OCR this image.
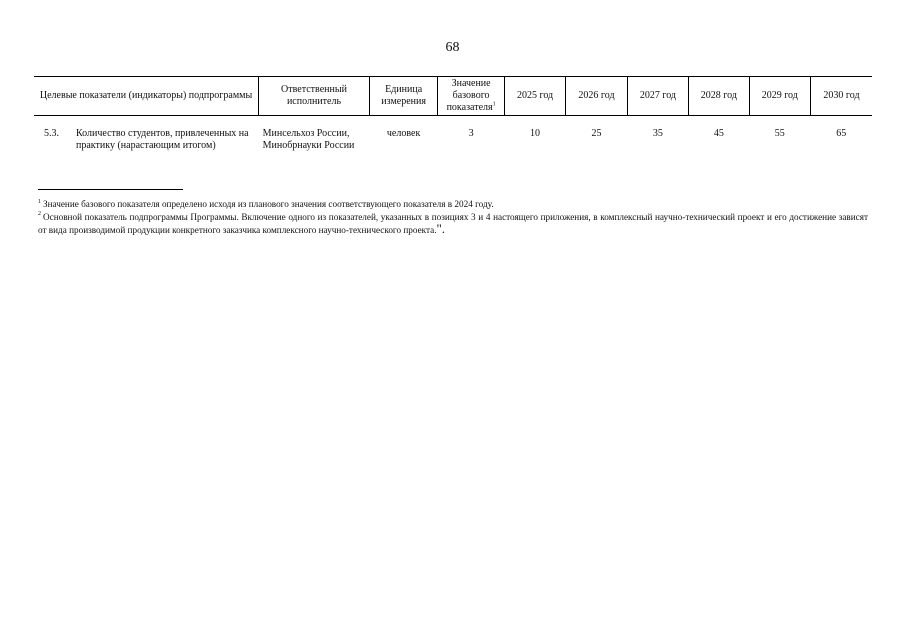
68
Целевые показатели (индикаторы) подпрограммы	Ответственный исполнитель	Единица измерения	Значение базового показателя$^1$	2025 год	2026 год	2027 год	2028 год	2029 год	2030 год

5.3. Количество студентов, привлеченных на практику (нарастающим итогом)	Минсельхоз России, Минобрнауки России	человек	3	10	25	35	45	55	65

$^1$ Значение базового показателя определено исходя из планового значения соответствующего показателя в 2024 году.

$^2$ Основной показатель подпрограммы Программы. Включение одного из показателей, указанных в позициях 3 и 4 настоящего приложения, в комплексный научно-технический проект и его достижение зависят от вида производимой продукции конкретного заказчика комплексного научно-технического проекта.".
